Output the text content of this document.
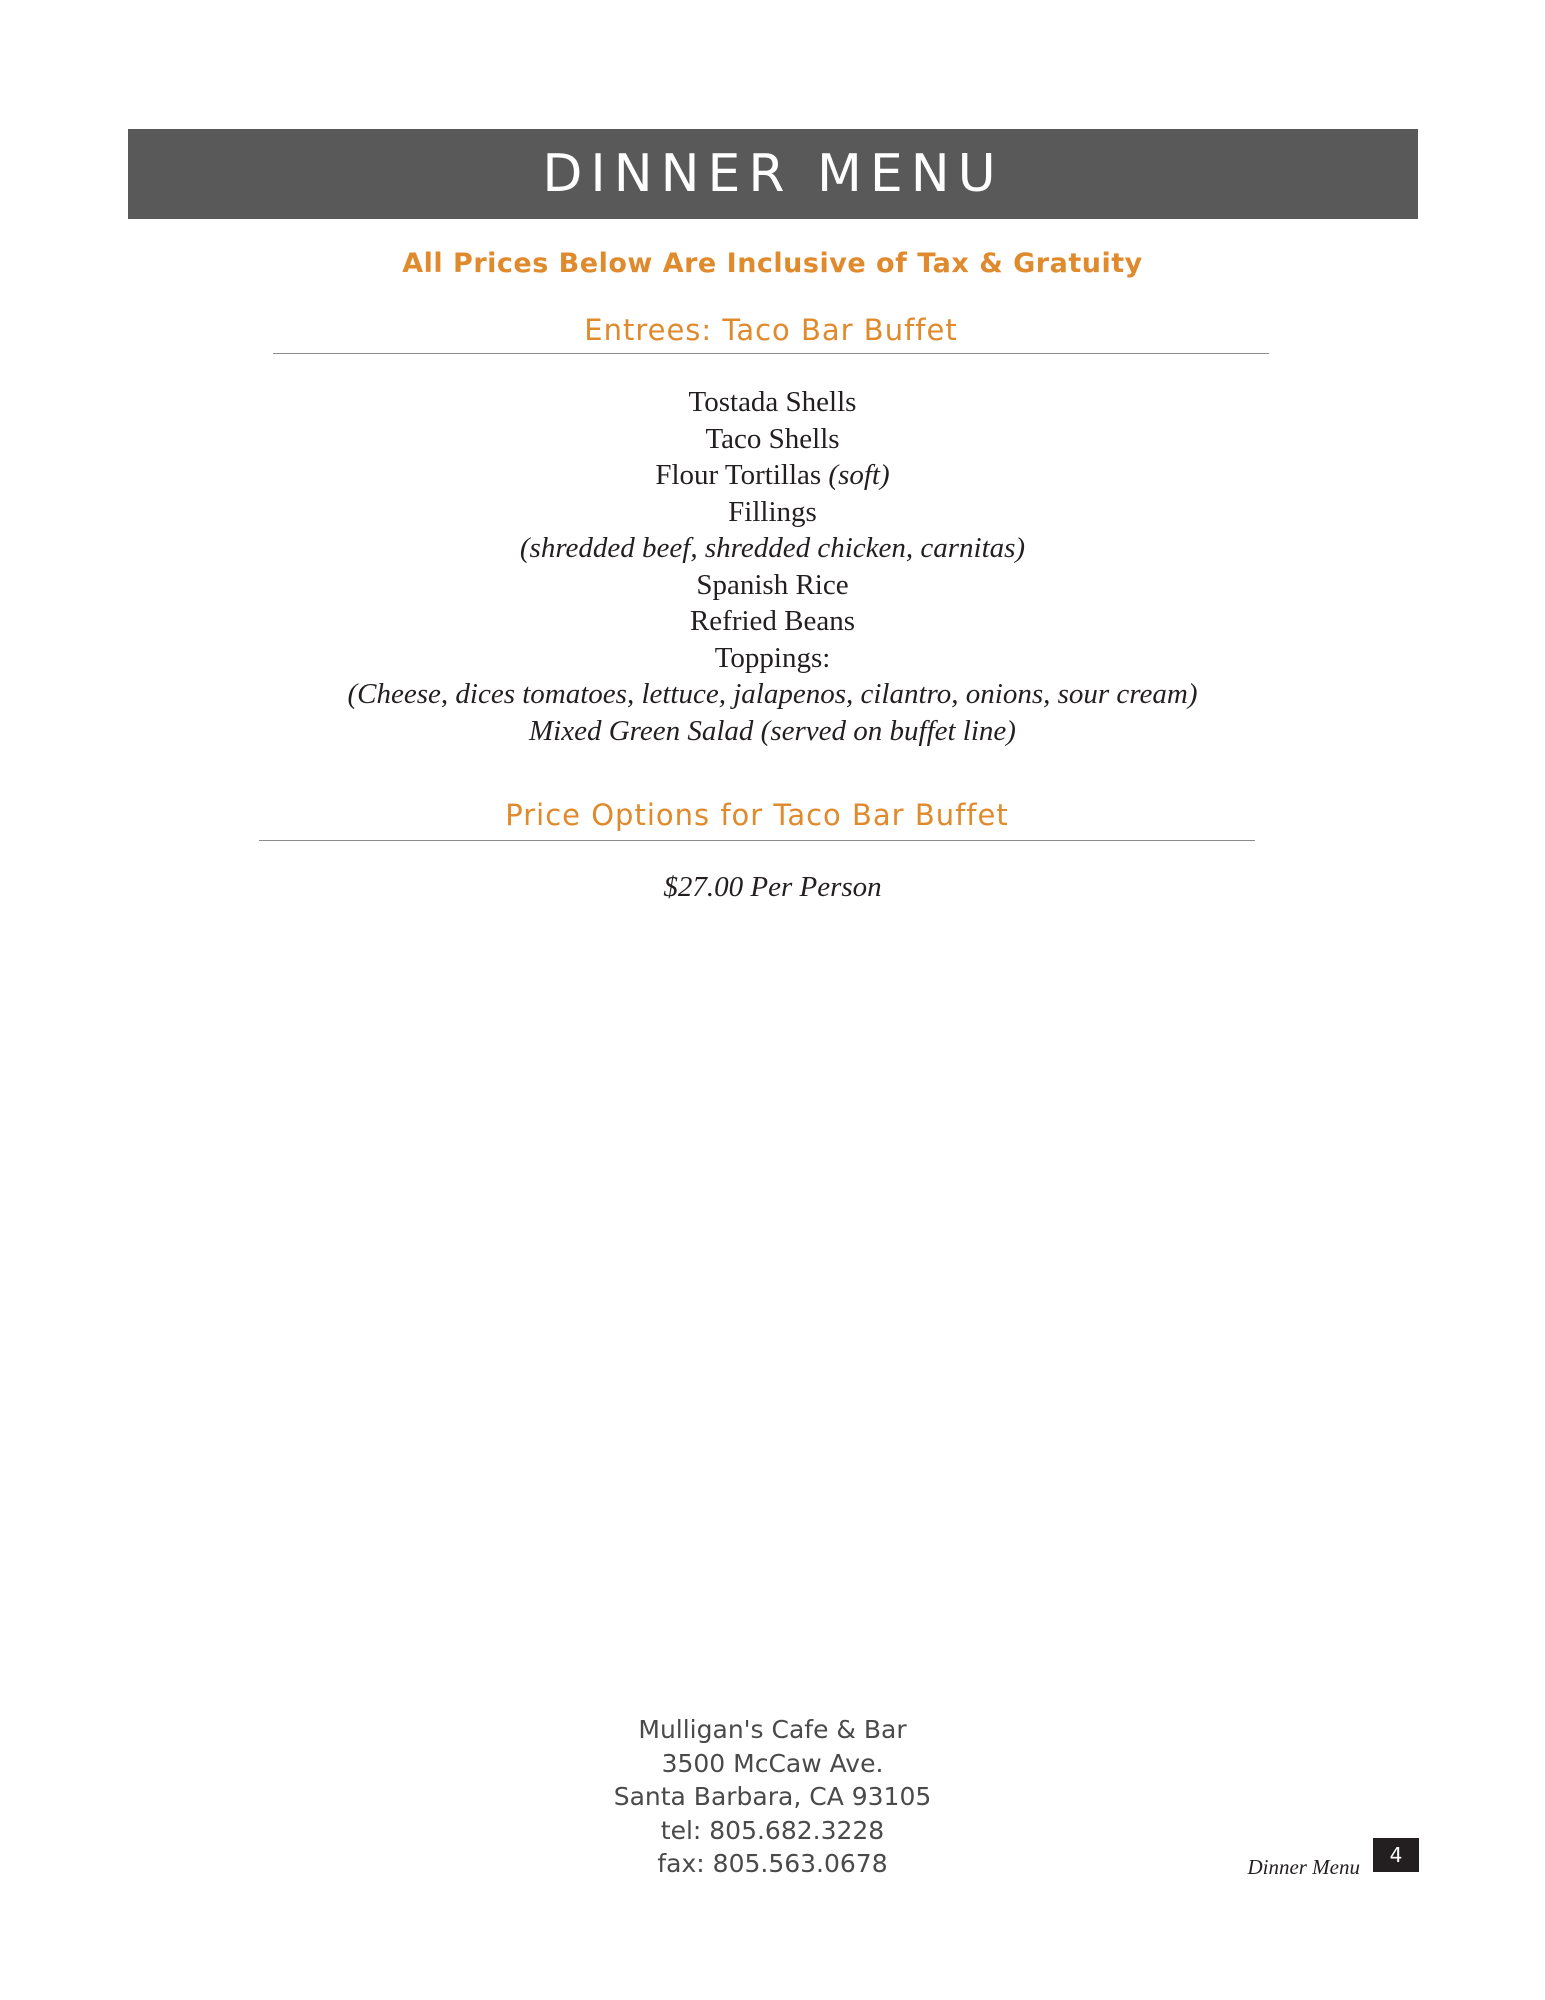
DINNER MENU
All Prices Below Are Inclusive of Tax & Gratuity
Entrees: Taco Bar Buffet
Tostada Shells
Taco Shells
Flour Tortillas (soft)
Fillings
(shredded beef, shredded chicken, carnitas)
Spanish Rice
Refried Beans
Toppings:
(Cheese, dices tomatoes, lettuce, jalapenos, cilantro, onions, sour cream)
Mixed Green Salad (served on buffet line)
Price Options for Taco Bar Buffet
$27.00 Per Person
Mulligan's Cafe & Bar
3500 McCaw Ave.
Santa Barbara, CA 93105
tel: 805.682.3228
fax: 805.563.0678	Dinner Menu 4
